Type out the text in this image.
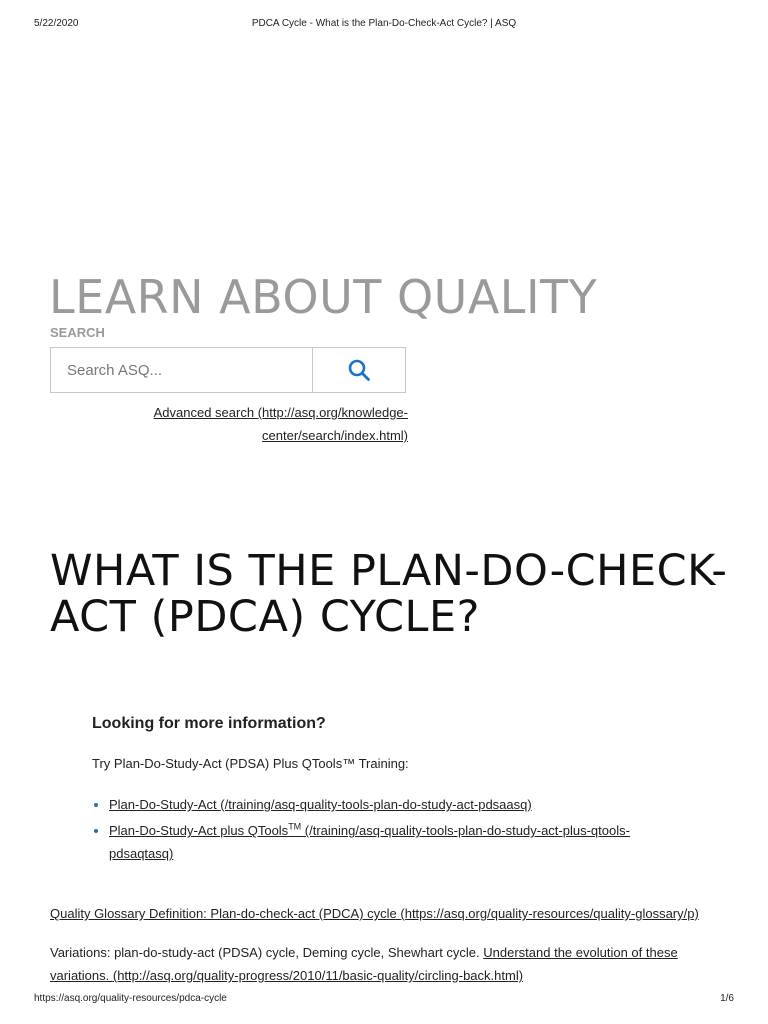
5/22/2020	PDCA Cycle - What is the Plan-Do-Check-Act Cycle? | ASQ
LEARN ABOUT QUALITY
SEARCH
Search ASQ...
Advanced search (http://asq.org/knowledge-center/search/index.html)
WHAT IS THE PLAN-DO-CHECK-ACT (PDCA) CYCLE?
Looking for more information?

Try Plan-Do-Study-Act (PDSA) Plus QTools™ Training:

• Plan-Do-Study-Act (/training/asq-quality-tools-plan-do-study-act-pdsaasq)
• Plan-Do-Study-Act plus QTools™ (/training/asq-quality-tools-plan-do-study-act-plus-qtools-pdsaqtasq)

Quality Glossary Definition: Plan-do-check-act (PDCA) cycle (https://asq.org/quality-resources/quality-glossary/p)

Variations: plan-do-study-act (PDSA) cycle, Deming cycle, Shewhart cycle. Understand the evolution of these variations. (http://asq.org/quality-progress/2010/11/basic-quality/circling-back.html)

https://asq.org/quality-resources/pdca-cycle	1/6
